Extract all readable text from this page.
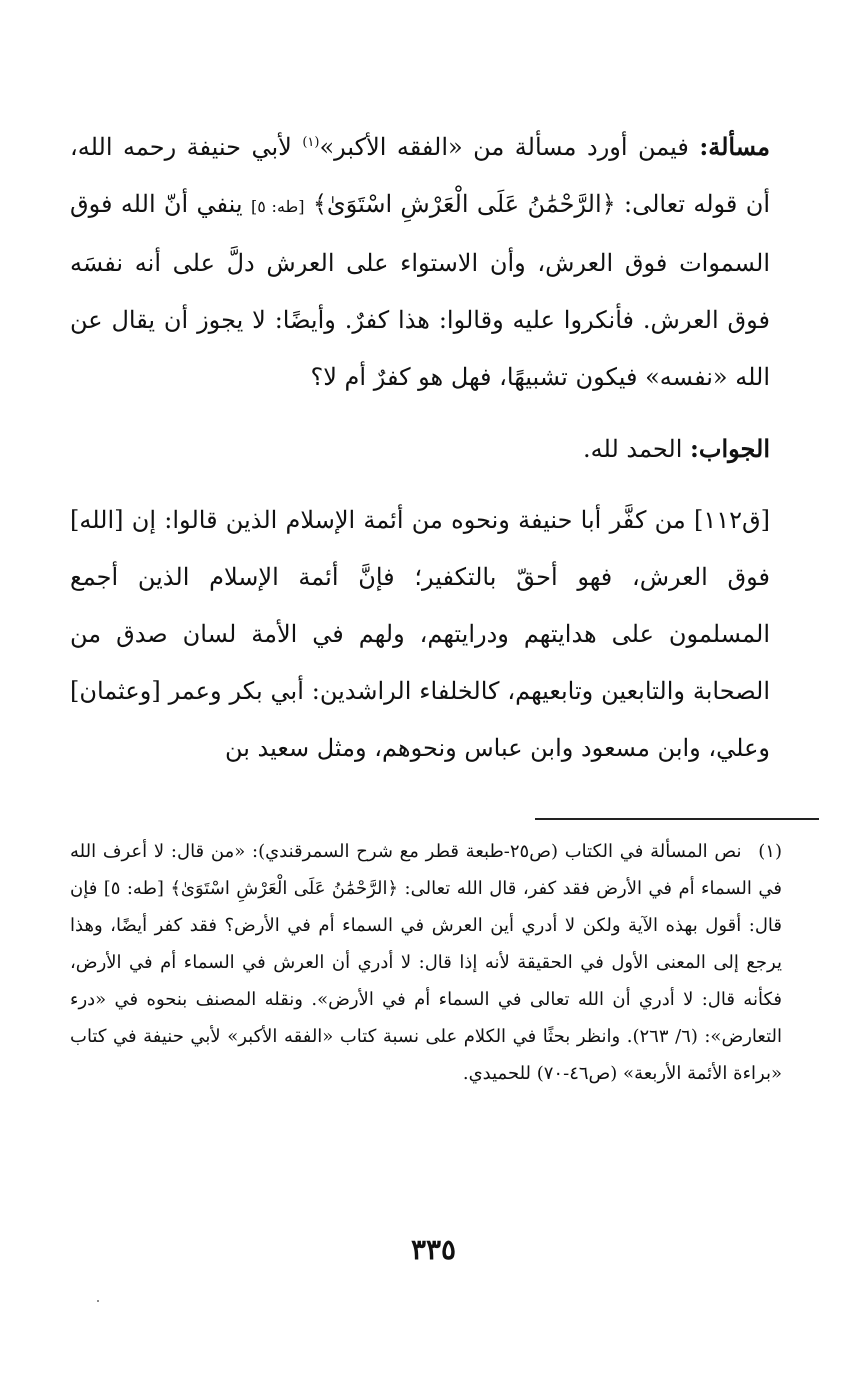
مسألة: فيمن أورد مسألة من «الفقه الأكبر»$^{(١)}$ لأبي حنيفة رحمه الله، أن قوله تعالى: ﴿الرَّحْمَٰنُ عَلَى الْعَرْشِ اسْتَوَىٰ﴾ [طه: ٥] ينفي أنّ الله فوق السموات فوق العرش، وأن الاستواء على العرش دلَّ على أنه نفسَه فوق العرش. فأنكروا عليه وقالوا: هذا كفرٌ. وأيضًا: لا يجوز أن يقال عن الله «نفسه» فيكون تشبيهًا، فهل هو كفرٌ أم لا؟

الجواب: الحمد لله.

[ق١١٢] من كفَّر أبا حنيفة ونحوه من أئمة الإسلام الذين قالوا: إن [الله] فوق العرش، فهو أحقّ بالتكفير؛ فإنَّ أئمة الإسلام الذين أجمع المسلمون على هدايتهم ودرايتهم، ولهم في الأمة لسان صدق من الصحابة والتابعين وتابعيهم، كالخلفاء الراشدين: أبي بكر وعمر [وعثمان] وعلي، وابن مسعود وابن عباس ونحوهم، ومثل سعيد بن

(١) نص المسألة في الكتاب (ص٢٥-طبعة قطر مع شرح السمرقندي): «من قال: لا أعرف الله في السماء أم في الأرض فقد كفر، قال الله تعالى: ﴿الرَّحْمَٰنُ عَلَى الْعَرْشِ اسْتَوَىٰ﴾ [طه: ٥] فإن قال: أقول بهذه الآية ولكن لا أدري أين العرش في السماء أم في الأرض؟ فقد كفر أيضًا، وهذا يرجع إلى المعنى الأول في الحقيقة لأنه إذا قال: لا أدري أن العرش في السماء أم في الأرض، فكأنه قال: لا أدري أن الله تعالى في السماء أم في الأرض». ونقله المصنف بنحوه في «درء التعارض»: (٦/ ٢٦٣). وانظر بحثًا في الكلام على نسبة كتاب «الفقه الأكبر» لأبي حنيفة في كتاب «براءة الأئمة الأربعة» (ص٤٦-٧٠) للحميدي.

٣٣٥
